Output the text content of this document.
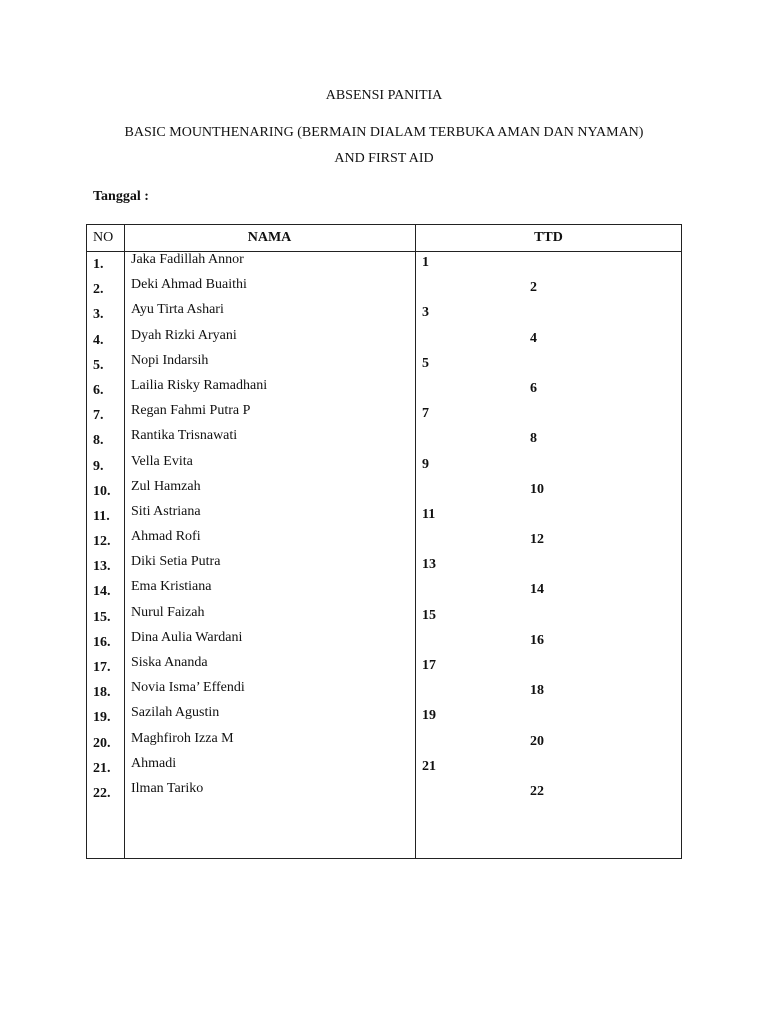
ABSENSI PANITIA
BASIC MOUNTHENARING (BERMAIN DIALAM TERBUKA AMAN DAN NYAMAN)
AND FIRST AID
Tanggal :
NO	NAMA	TTD
1. Jaka Fadillah Annor	1
2. Deki Ahmad Buaithi	2
3. Ayu Tirta Ashari	3
4. Dyah Rizki Aryani	4
5. Nopi Indarsih	5
6. Lailia Risky Ramadhani	6
7. Regan Fahmi Putra P	7
8. Rantika Trisnawati	8
9. Vella Evita	9
10. Zul Hamzah	10
11. Siti Astriana	11
12. Ahmad Rofi	12
13. Diki Setia Putra	13
14. Ema Kristiana	14
15. Nurul Faizah	15
16. Dina Aulia Wardani	16
17. Siska Ananda	17
18. Novia Isma’ Effendi	18
19. Sazilah Agustin	19
20. Maghfiroh Izza M	20
21. Ahmadi	21
22. Ilman Tariko	22
